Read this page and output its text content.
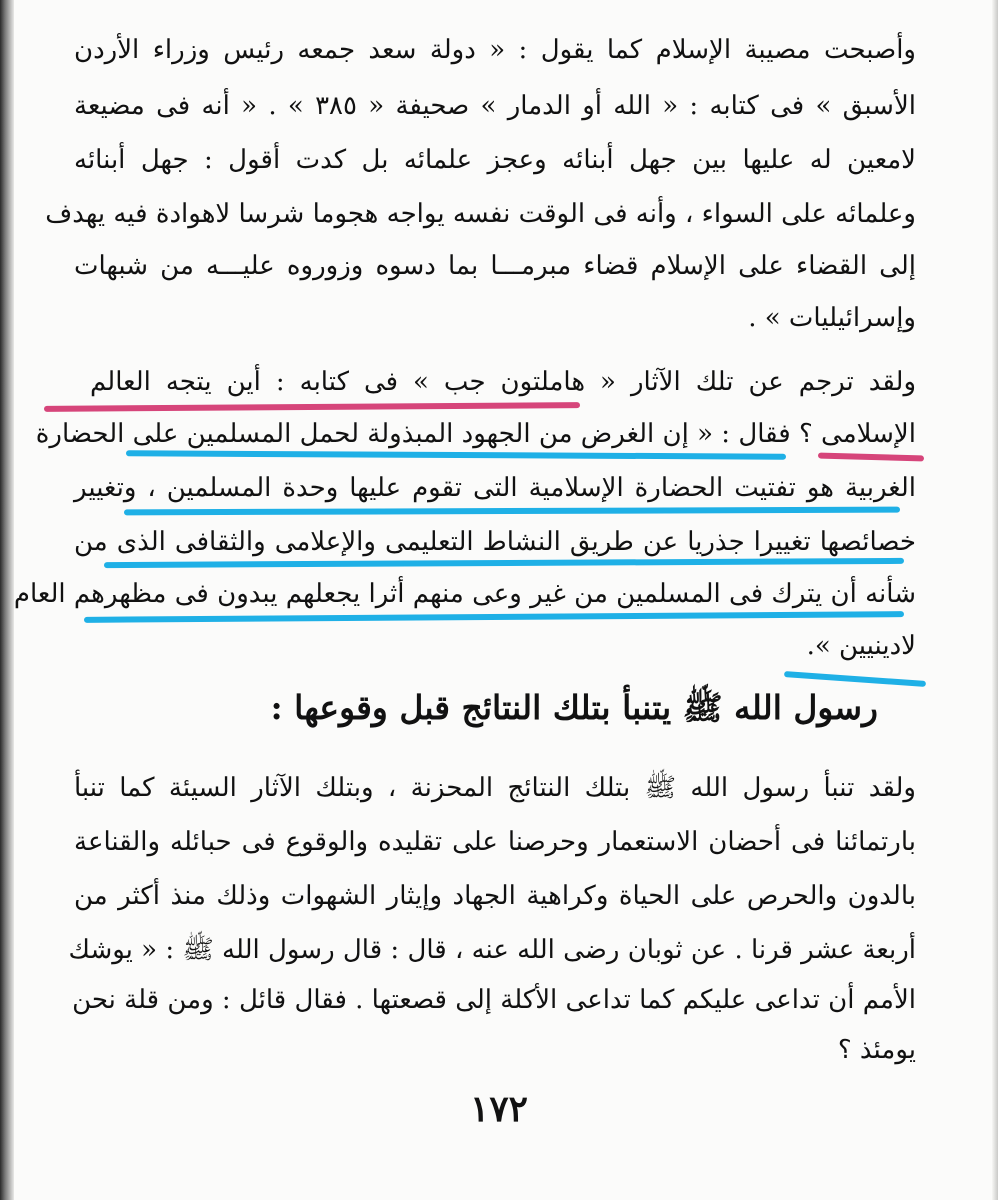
وأصبحت مصيبة الإسلام كما يقول : « دولة سعد جمعه رئيس وزراء الأردن
الأسبق » فى كتابه : « الله أو الدمار » صحيفة « ٣٨٥ » . « أنه فى مضيعة
لامعين له عليها بين جهل أبنائه وعجز علمائه بل كدت أقول : جهل أبنائه
وعلمائه على السواء ، وأنه فى الوقت نفسه يواجه هجوما شرسا لاهوادة فيه يهدف
إلى القضاء على الإسلام قضاء مبرمـــا بما دسوه وزوروه عليـــه من شبهات
وإسرائيليات » .
ولقد ترجم عن تلك الآثار « هاملتون جب » فى كتابه : أين يتجه العالم
الإسلامى ؟ فقال : « إن الغرض من الجهود المبذولة لحمل المسلمين على الحضارة
الغربية هو تفتيت الحضارة الإسلامية التى تقوم عليها وحدة المسلمين ، وتغيير
خصائصها تغييرا جذريا عن طريق النشاط التعليمى والإعلامى والثقافى الذى من
شأنه أن يترك فى المسلمين من غير وعى منهم أثرا يجعلهم يبدون فى مظهرهم العام
لادينيين ».
رسول الله ﷺ يتنبأ بتلك النتائج قبل وقوعها :
ولقد تنبأ رسول الله ﷺ بتلك النتائج المحزنة ، وبتلك الآثار السيئة كما تنبأ
بارتمائنا فى أحضان الاستعمار وحرصنا على تقليده والوقوع فى حبائله والقناعة
بالدون والحرص على الحياة وكراهية الجهاد وإيثار الشهوات وذلك منذ أكثر من
أربعة عشر قرنا . عن ثوبان رضى الله عنه ، قال : قال رسول الله ﷺ : « يوشك
الأمم أن تداعى عليكم كما تداعى الأكلة إلى قصعتها . فقال قائل : ومن قلة نحن
يومئذ ؟
١٧٢
